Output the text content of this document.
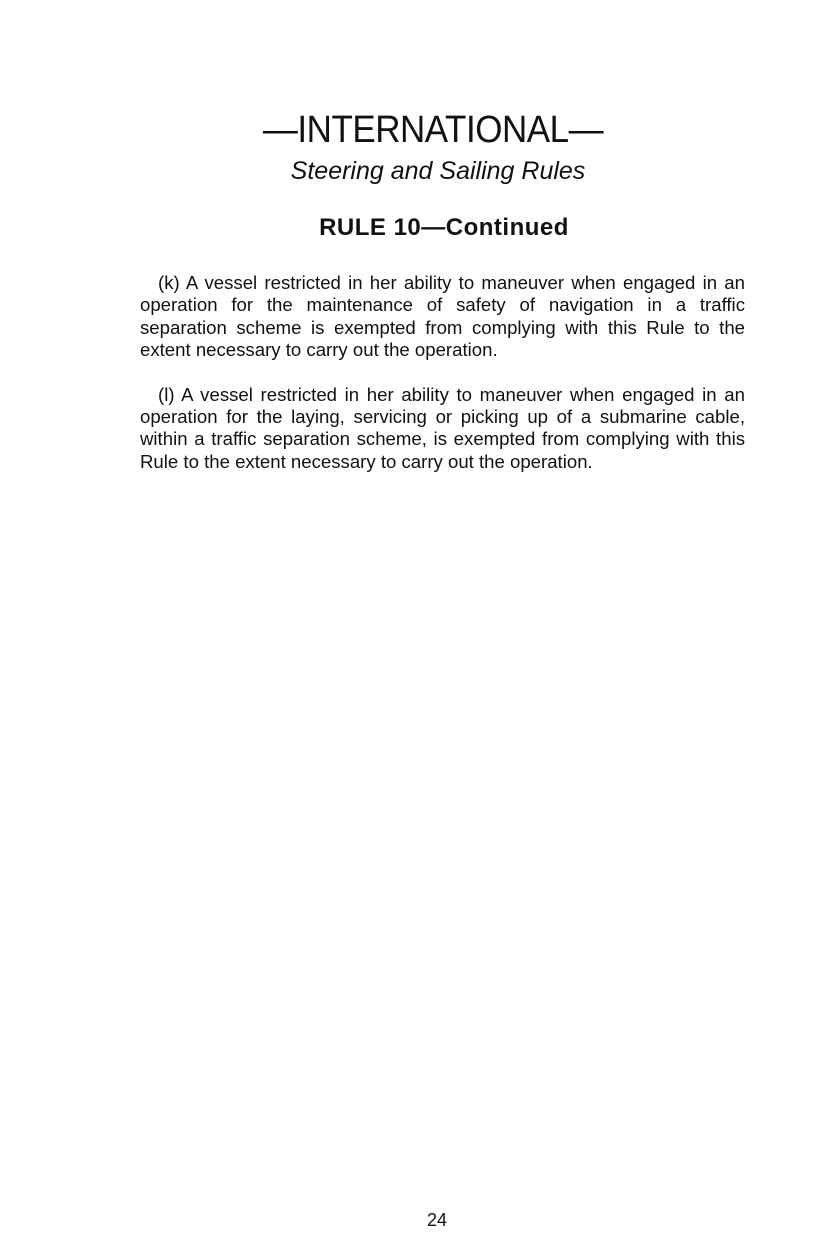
—INTERNATIONAL—
Steering and Sailing Rules
RULE 10—Continued

(k) A vessel restricted in her ability to maneuver when engaged in an operation for the maintenance of safety of navigation in a traffic separation scheme is exempted from complying with this Rule to the extent necessary to carry out the operation.

(l) A vessel restricted in her ability to maneuver when engaged in an operation for the laying, servicing or picking up of a submarine cable, within a traffic separation scheme, is exempted from complying with this Rule to the extent necessary to carry out the operation.

24
